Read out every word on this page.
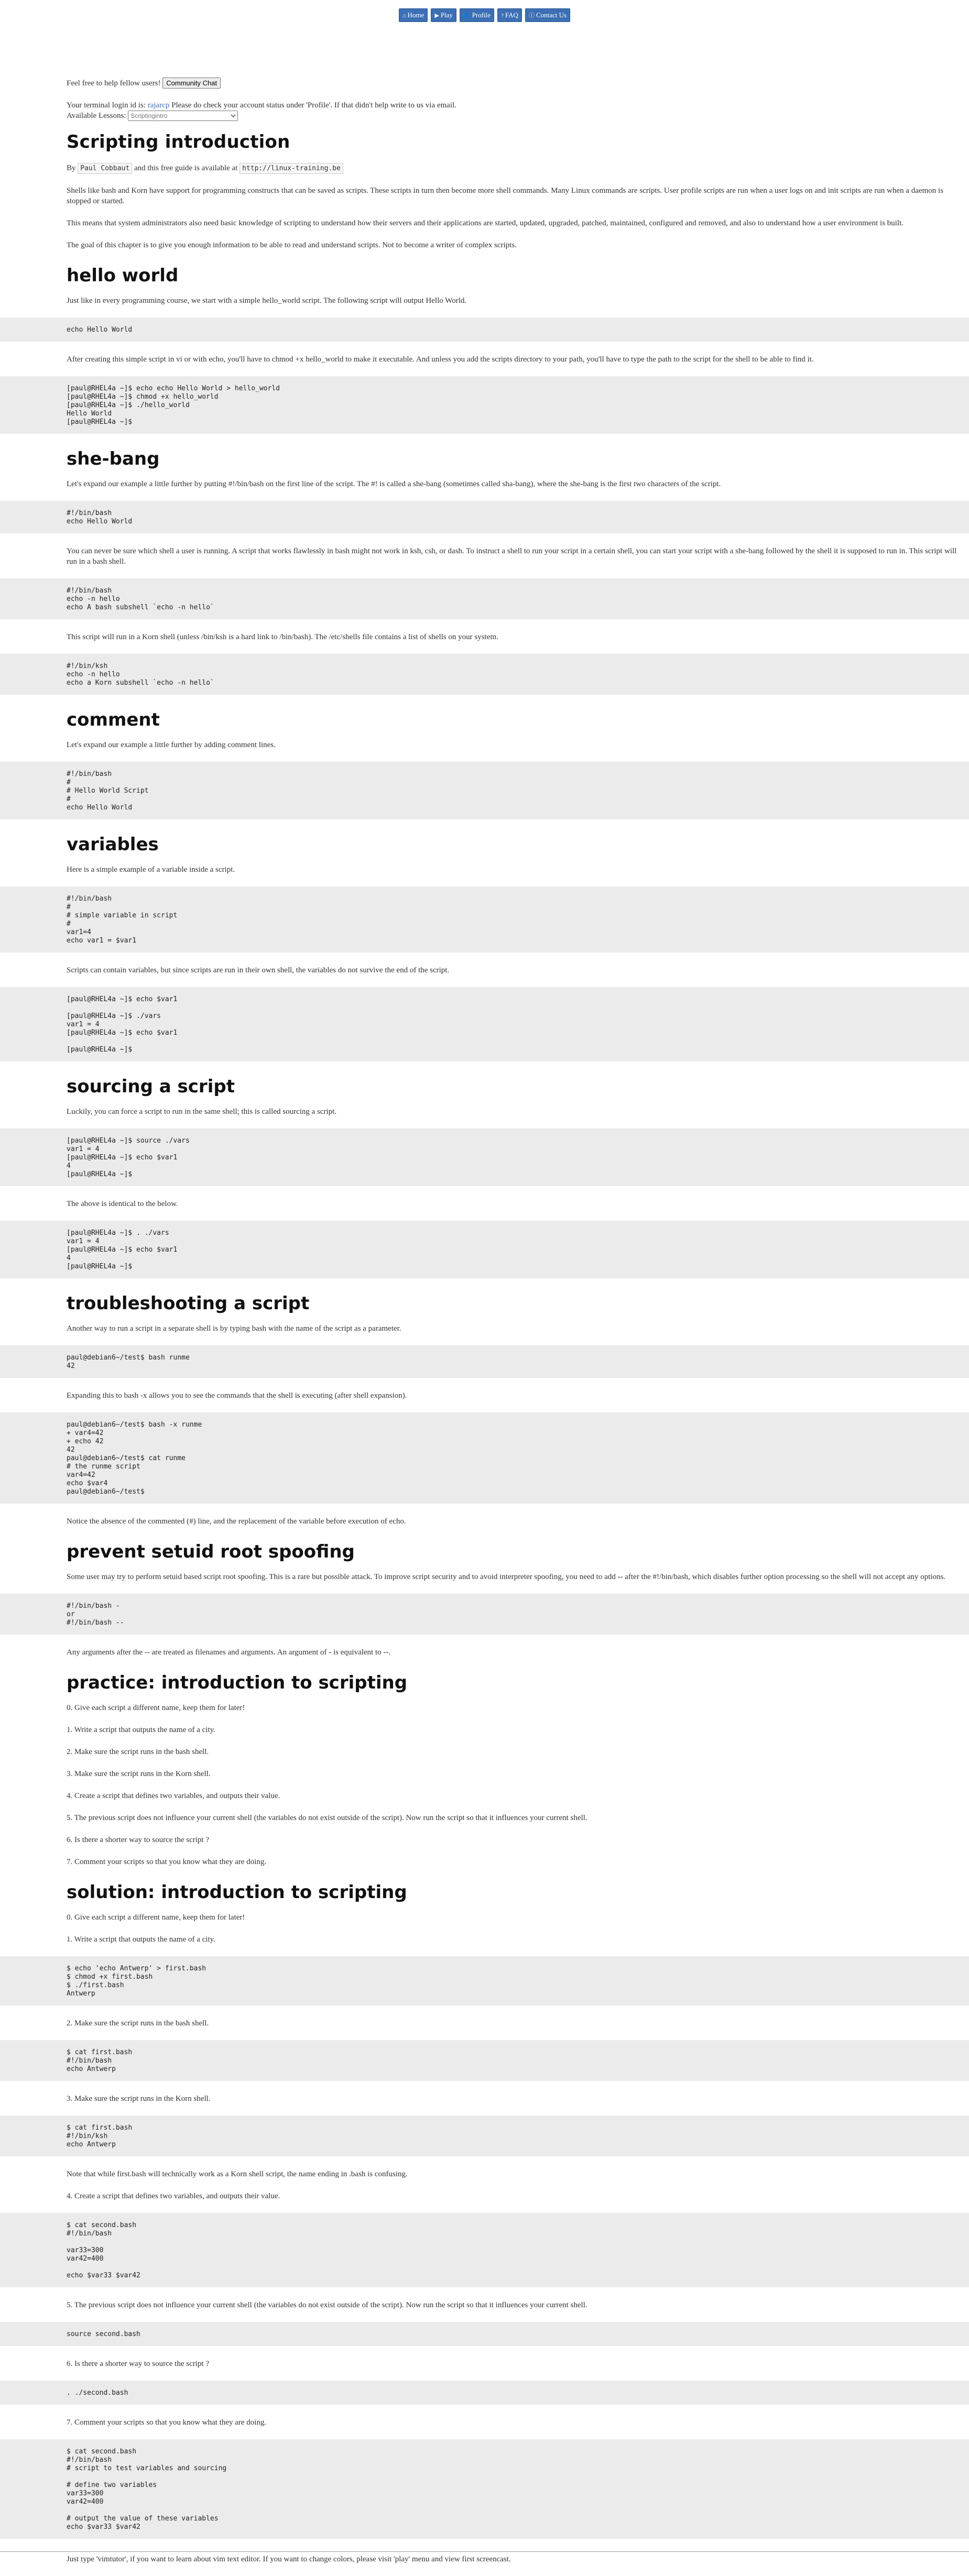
⌂ Home ▶ Play 👤 Profile ? FAQ ⓘ Contact Us

Feel free to help fellow users! Community Chat

Your terminal login id is: rajarcp Please do check your account status under 'Profile'. If that didn't help write to us via email.

Available Lessons:
Scriptingintro

Scripting introduction

By Paul Cobbaut and this free guide is available at http://linux-training.be

Shells like bash and Korn have support for programming constructs that can be saved as scripts. These scripts in turn then become more shell commands. Many Linux commands are scripts. User profile scripts are run when a user logs on and init scripts are run when a daemon is stopped or started.

This means that system administrators also need basic knowledge of scripting to understand how their servers and their applications are started, updated, upgraded, patched, maintained, configured and removed, and also to understand how a user environment is built.

The goal of this chapter is to give you enough information to be able to read and understand scripts. Not to become a writer of complex scripts.

hello world

Just like in every programming course, we start with a simple hello_world script. The following script will output Hello World.

echo Hello World

After creating this simple script in vi or with echo, you'll have to chmod +x hello_world to make it executable. And unless you add the scripts directory to your path, you'll have to type the path to the script for the shell to be able to find it.

[paul@RHEL4a ~]$ echo echo Hello World > hello_world
[paul@RHEL4a ~]$ chmod +x hello_world
[paul@RHEL4a ~]$ ./hello_world
Hello World
[paul@RHEL4a ~]$
she-bang

Let's expand our example a little further by putting #!/bin/bash on the first line of the script. The #! is called a she-bang (sometimes called sha-bang), where the she-bang is the first two characters of the script.

#!/bin/bash
echo Hello World

You can never be sure which shell a user is running. A script that works flawlessly in bash might not work in ksh, csh, or dash. To instruct a shell to run your script in a certain shell, you can start your script with a she-bang followed by the shell it is supposed to run in. This script will run in a bash shell.

#!/bin/bash
echo -n hello
echo A bash subshell `echo -n hello`

This script will run in a Korn shell (unless /bin/ksh is a hard link to /bin/bash). The /etc/shells file contains a list of shells on your system.

#!/bin/ksh
echo -n hello
echo a Korn subshell `echo -n hello`
comment

Let's expand our example a little further by adding comment lines.

#!/bin/bash
#
# Hello World Script
#
echo Hello World
variables

Here is a simple example of a variable inside a script.

#!/bin/bash
#
# simple variable in script
#
var1=4
echo var1 = $var1

Scripts can contain variables, but since scripts are run in their own shell, the variables do not survive the end of the script.

[paul@RHEL4a ~]$ echo $var1

[paul@RHEL4a ~]$ ./vars
var1 = 4
[paul@RHEL4a ~]$ echo $var1

[paul@RHEL4a ~]$
sourcing a script

Luckily, you can force a script to run in the same shell; this is called sourcing a script.

[paul@RHEL4a ~]$ source ./vars
var1 = 4
[paul@RHEL4a ~]$ echo $var1
4
[paul@RHEL4a ~]$

The above is identical to the below.

[paul@RHEL4a ~]$ . ./vars
var1 = 4
[paul@RHEL4a ~]$ echo $var1
4
[paul@RHEL4a ~]$
troubleshooting a script

Another way to run a script in a separate shell is by typing bash with the name of the script as a parameter.

paul@debian6~/test$ bash runme
42

Expanding this to bash -x allows you to see the commands that the shell is executing (after shell expansion).

paul@debian6~/test$ bash -x runme
+ var4=42
+ echo 42
42
paul@debian6~/test$ cat runme
# the runme script
var4=42
echo $var4
paul@debian6~/test$

Notice the absence of the commented (#) line, and the replacement of the variable before execution of echo.

prevent setuid root spoofing

Some user may try to perform setuid based script root spoofing. This is a rare but possible attack. To improve script security and to avoid interpreter spoofing, you need to add -- after the #!/bin/bash, which disables further option processing so the shell will not accept any options.

#!/bin/bash -
or
#!/bin/bash --

Any arguments after the -- are treated as filenames and arguments. An argument of - is equivalent to --.

practice: introduction to scripting

0. Give each script a different name, keep them for later!

1. Write a script that outputs the name of a city.

2. Make sure the script runs in the bash shell.

3. Make sure the script runs in the Korn shell.

4. Create a script that defines two variables, and outputs their value.

5. The previous script does not influence your current shell (the variables do not exist outside of the script). Now run the script so that it influences your current shell.

6. Is there a shorter way to source the script ?

7. Comment your scripts so that you know what they are doing.

solution: introduction to scripting

0. Give each script a different name, keep them for later!

1. Write a script that outputs the name of a city.

$ echo 'echo Antwerp' > first.bash
$ chmod +x first.bash
$ ./first.bash
Antwerp

2. Make sure the script runs in the bash shell.

$ cat first.bash
#!/bin/bash
echo Antwerp

3. Make sure the script runs in the Korn shell.

$ cat first.bash
#!/bin/ksh
echo Antwerp

Note that while first.bash will technically work as a Korn shell script, the name ending in .bash is confusing.

4. Create a script that defines two variables, and outputs their value.

$ cat second.bash
#!/bin/bash

var33=300
var42=400

echo $var33 $var42

5. The previous script does not influence your current shell (the variables do not exist outside of the script). Now run the script so that it influences your current shell.

source second.bash

6. Is there a shorter way to source the script ?

. ./second.bash

7. Comment your scripts so that you know what they are doing.

$ cat second.bash
#!/bin/bash
# script to test variables and sourcing

# define two variables
var33=300
var42=400

# output the value of these variables
echo $var33 $var42

Just type 'vimtutor', if you want to learn about vim text editor. If you want to change colors, please visit 'play' menu and view first screencast.
